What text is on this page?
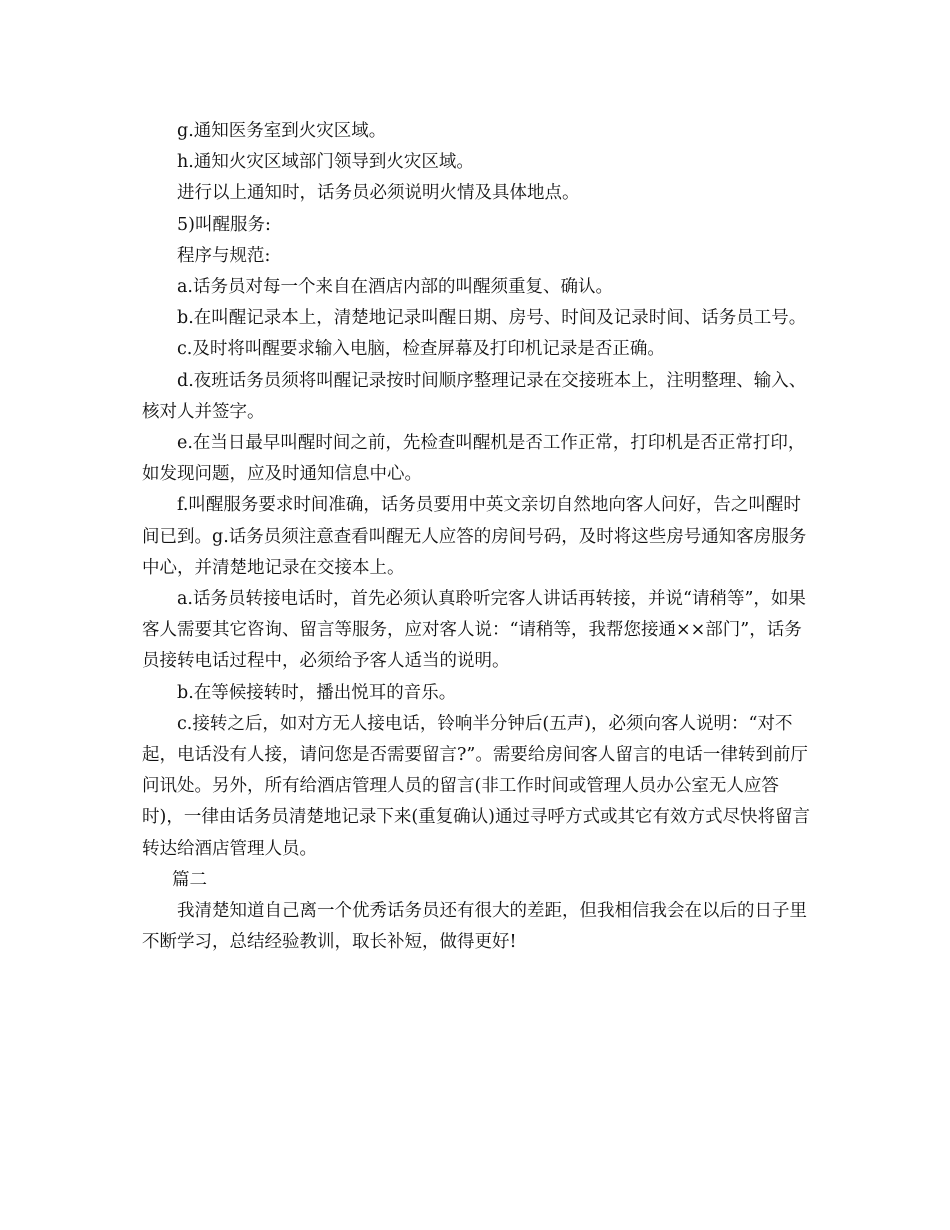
g.通知医务室到火灾区域。

h.通知火灾区域部门领导到火灾区域。

进行以上通知时，话务员必须说明火情及具体地点。

5)叫醒服务:

程序与规范:

a.话务员对每一个来自在酒店内部的叫醒须重复、确认。

b.在叫醒记录本上，清楚地记录叫醒日期、房号、时间及记录时间、话务员工号。

c.及时将叫醒要求输入电脑，检查屏幕及打印机记录是否正确。

d.夜班话务员须将叫醒记录按时间顺序整理记录在交接班本上，注明整理、输入、核对人并签字。

e.在当日最早叫醒时间之前，先检查叫醒机是否工作正常，打印机是否正常打印，如发现问题，应及时通知信息中心。

f.叫醒服务要求时间准确，话务员要用中英文亲切自然地向客人问好，告之叫醒时间已到。g.话务员须注意查看叫醒无人应答的房间号码，及时将这些房号通知客房服务中心，并清楚地记录在交接本上。

a.话务员转接电话时，首先必须认真聆听完客人讲话再转接，并说“请稍等”，如果客人需要其它咨询、留言等服务，应对客人说：“请稍等，我帮您接通××部门”，话务员接转电话过程中，必须给予客人适当的说明。

b.在等候接转时，播出悦耳的音乐。

c.接转之后，如对方无人接电话，铃响半分钟后(五声)，必须向客人说明：“对不起，电话没有人接，请问您是否需要留言?”。需要给房间客人留言的电话一律转到前厅问讯处。另外，所有给酒店管理人员的留言(非工作时间或管理人员办公室无人应答时)，一律由话务员清楚地记录下来(重复确认)通过寻呼方式或其它有效方式尽快将留言转达给酒店管理人员。

篇二

我清楚知道自己离一个优秀话务员还有很大的差距，但我相信我会在以后的日子里不断学习，总结经验教训，取长补短，做得更好!
